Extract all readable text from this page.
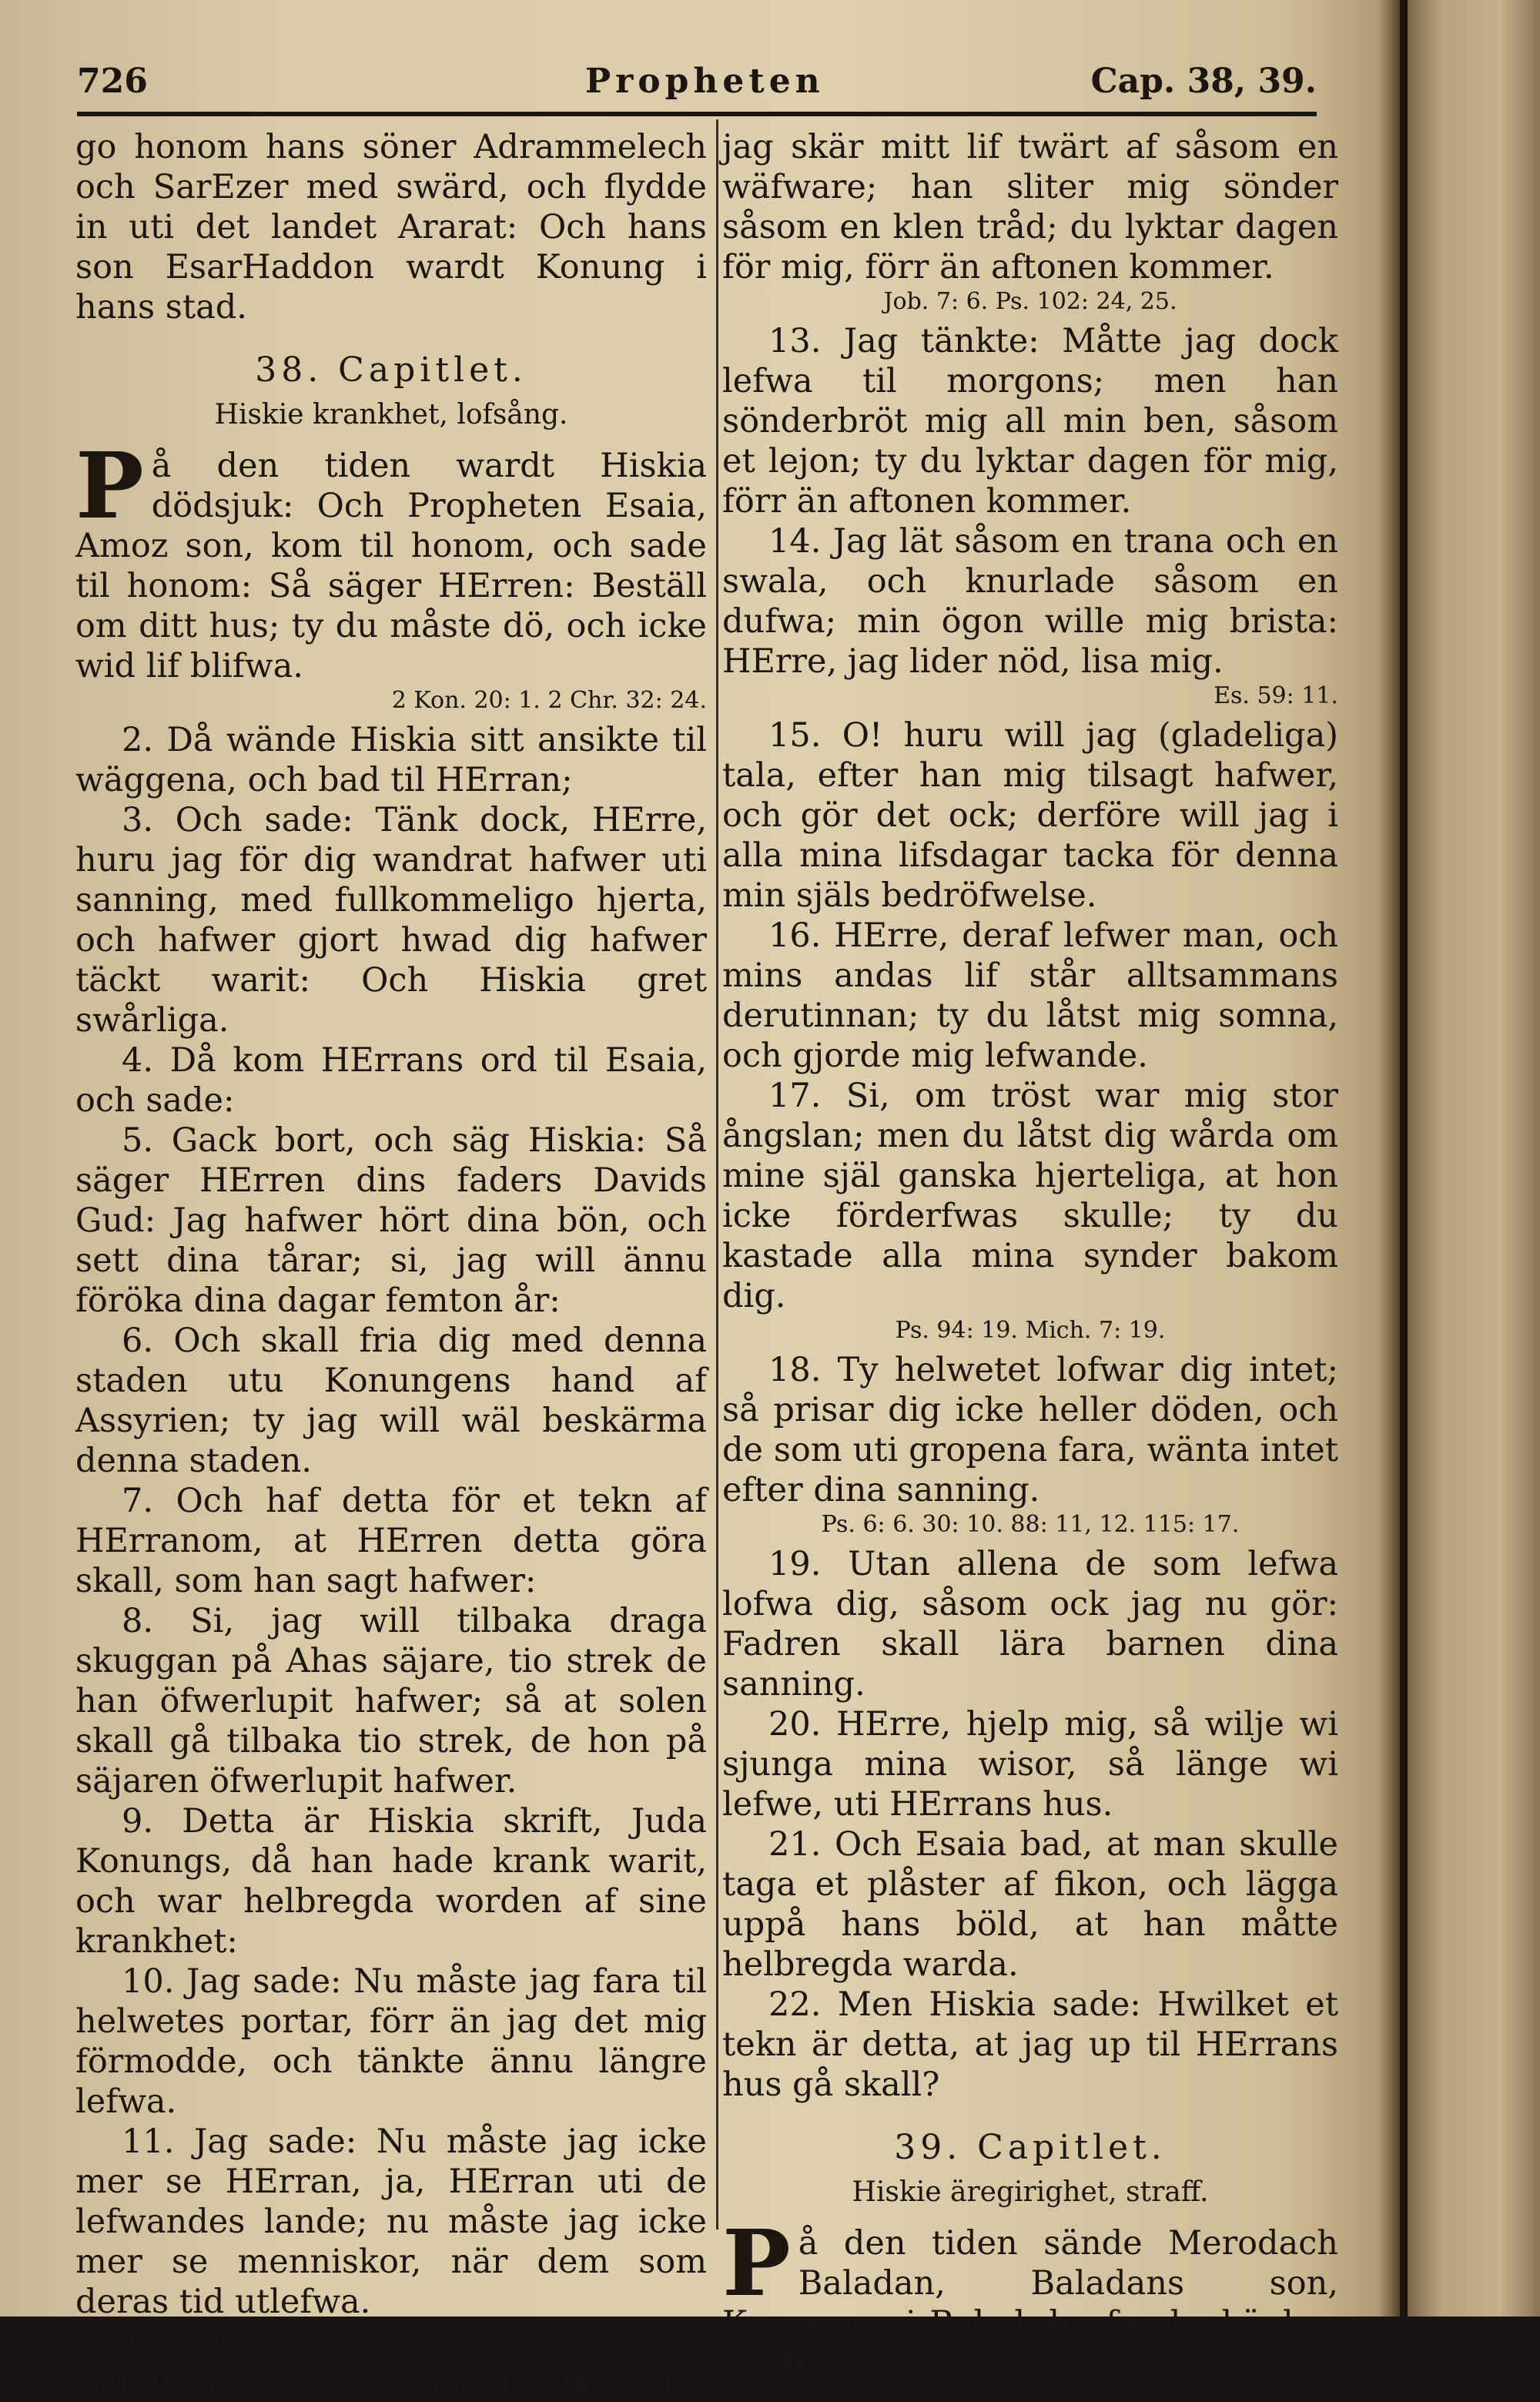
726	Propheten	Cap. 38, 39.

go honom hans söner Adrammelech och SarEzer med swärd, och flydde in uti det landet Ararat: Och hans son EsarHaddon wardt Konung i hans stad.

38. Capitlet.
Hiskie krankhet, lofsång.

På den tiden wardt Hiskia dödsjuk: Och Propheten Esaia, Amoz son, kom til honom, och sade til honom: Så säger HErren: Beställ om ditt hus; ty du måste dö, och icke wid lif blifwa.

2 Kon. 20: 1. 2 Chr. 32: 24.

2. Då wände Hiskia sitt ansikte til wäggena, och bad til HErran;

3. Och sade: Tänk dock, HErre, huru jag för dig wandrat hafwer uti sanning, med fullkommeligo hjerta, och hafwer gjort hwad dig hafwer täckt warit: Och Hiskia gret swårliga.

4. Då kom HErrans ord til Esaia, och sade:

5. Gack bort, och säg Hiskia: Så säger HErren dins faders Davids Gud: Jag hafwer hört dina bön, och sett dina tårar; si, jag will ännu föröka dina dagar femton år:

6. Och skall fria dig med denna staden utu Konungens hand af Assyrien; ty jag will wäl beskärma denna staden.

7. Och haf detta för et tekn af HErranom, at HErren detta göra skall, som han sagt hafwer:

8. Si, jag will tilbaka draga skuggan på Ahas säjare, tio strek de han öfwerlupit hafwer; så at solen skall gå tilbaka tio strek, de hon på säjaren öfwerlupit hafwer.

9. Detta är Hiskia skrift, Juda Konungs, då han hade krank warit, och war helbregda worden af sine krankhet:

10. Jag sade: Nu måste jag fara til helwetes portar, förr än jag det mig förmodde, och tänkte ännu längre lefwa.

11. Jag sade: Nu måste jag icke mer se HErran, ja, HErran uti de lefwandes lande; nu måste jag icke mer se menniskor, när dem som deras tid utlefwa.

12. Min tid är borto, och ifrå mig tagen, såsom ens herdas hydda; och

jag skär mitt lif twärt af såsom en wäfware; han sliter mig sönder såsom en klen tråd; du lyktar dagen för mig, förr än aftonen kommer.

Job. 7: 6. Ps. 102: 24, 25.

13. Jag tänkte: Måtte jag dock lefwa til morgons; men han sönderbröt mig all min ben, såsom et lejon; ty du lyktar dagen för mig, förr än aftonen kommer.

14. Jag lät såsom en trana och en swala, och knurlade såsom en dufwa; min ögon wille mig brista: HErre, jag lider nöd, lisa mig.

Es. 59: 11.

15. O! huru will jag (gladeliga) tala, efter han mig tilsagt hafwer, och gör det ock; derföre will jag i alla mina lifsdagar tacka för denna min själs bedröfwelse.

16. HErre, deraf lefwer man, och mins andas lif står alltsammans derutinnan; ty du låtst mig somna, och gjorde mig lefwande.

17. Si, om tröst war mig stor ångslan; men du låtst dig wårda om mine själ ganska hjerteliga, at hon icke förderfwas skulle; ty du kastade alla mina synder bakom dig.

Ps. 94: 19. Mich. 7: 19.

18. Ty helwetet lofwar dig intet; så prisar dig icke heller döden, och de som uti gropena fara, wänta intet efter dina sanning.

Ps. 6: 6. 30: 10. 88: 11, 12. 115: 17.

19. Utan allena de som lefwa lofwa dig, såsom ock jag nu gör: Fadren skall lära barnen dina sanning.

20. HErre, hjelp mig, så wilje wi sjunga mina wisor, så länge wi lefwe, uti HErrans hus.

21. Och Esaia bad, at man skulle taga et plåster af fikon, och lägga uppå hans böld, at han måtte helbregda warda.

22. Men Hiskia sade: Hwilket et tekn är detta, at jag up til HErrans hus gå skall?

39. Capitlet.
Hiskie äregirighet, straff.

På den tiden sände Merodach Baladan, Baladans son, Konungen i Babel, bref och skänker til Hiskia; ty
